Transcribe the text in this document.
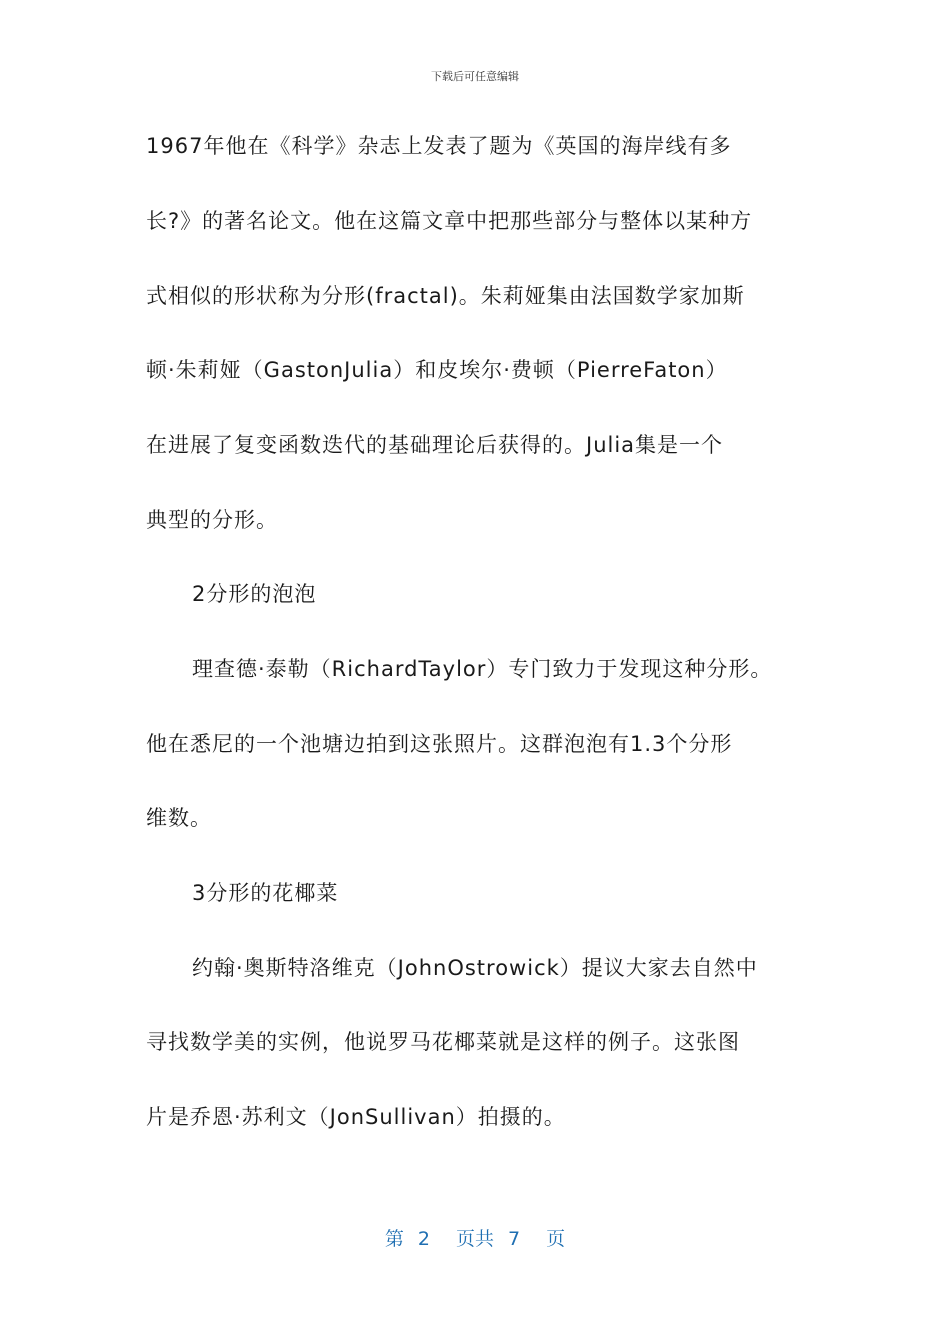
下载后可任意编辑
1967年他在《科学》杂志上发表了题为《英国的海岸线有多
长?》的著名论文。他在这篇文章中把那些部分与整体以某种方
式相似的形状称为分形(fractal)。朱莉娅集由法国数学家加斯
顿·朱莉娅（GastonJulia）和皮埃尔·费顿（PierreFaton）
在进展了复变函数迭代的基础理论后获得的。Julia集是一个
典型的分形。
2分形的泡泡
理查德·泰勒（RichardTaylor）专门致力于发现这种分形。
他在悉尼的一个池塘边拍到这张照片。这群泡泡有1.3个分形
维数。
3分形的花椰菜
约翰·奥斯特洛维克（JohnOstrowick）提议大家去自然中
寻找数学美的实例，他说罗马花椰菜就是这样的例子。这张图
片是乔恩·苏利文（JonSullivan）拍摄的。
第 2 页共 7 页
